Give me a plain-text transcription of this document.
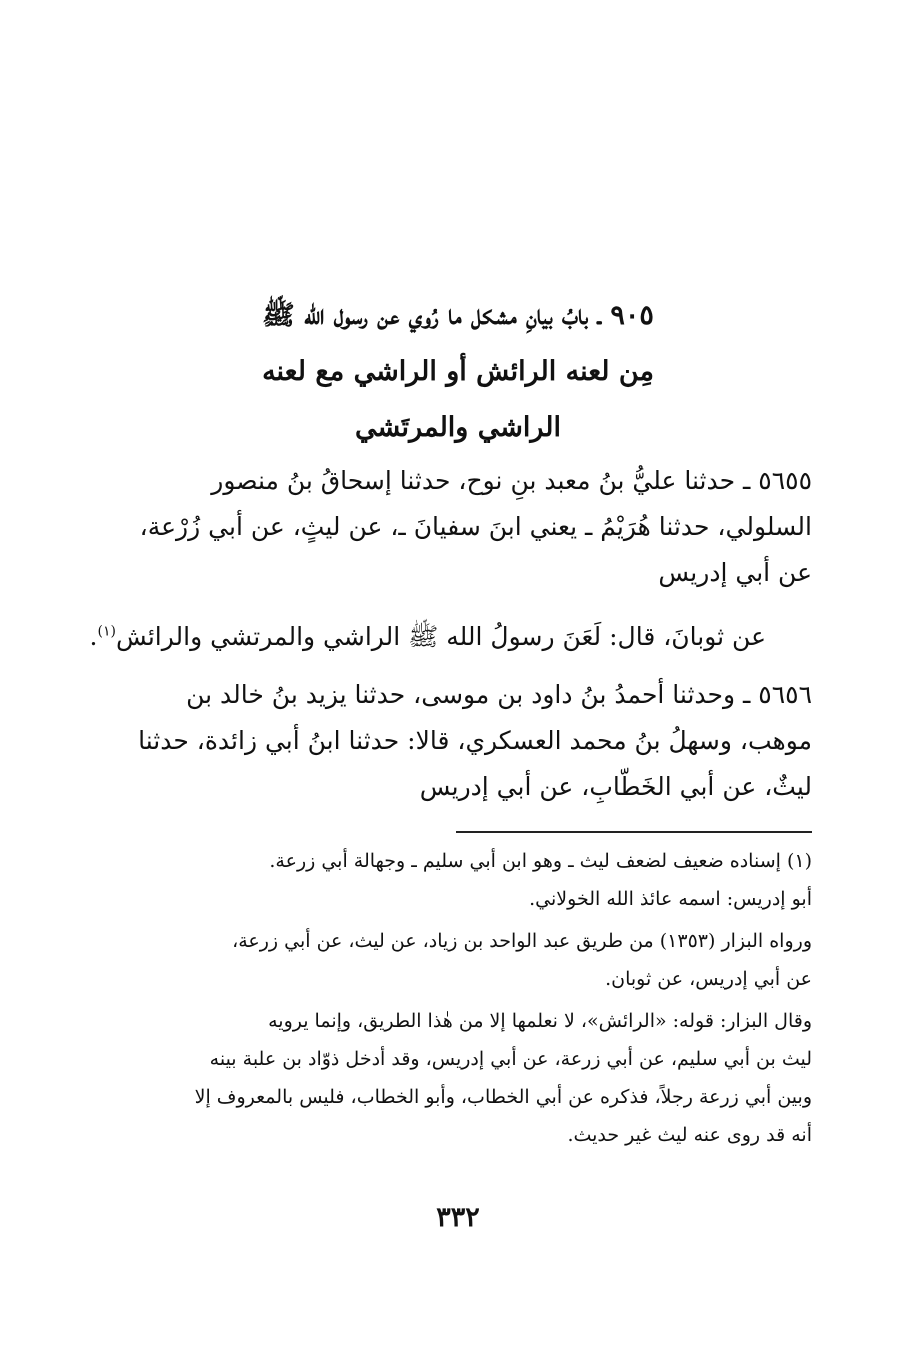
٩٠٥ ـ بابُ بيانِ مشكل ما رُوي عن رسول الله ﷺ
مِن لعنه الرائش أو الراشي مع لعنه
الراشي والمرتَشي

٥٦٥٥ ـ حدثنا عليُّ بنُ معبد بنِ نوح، حدثنا إسحاقُ بنُ منصور

السلولي، حدثنا هُرَيْمُ ـ يعني ابنَ سفيانَ ـ، عن ليثٍ، عن أبي زُرْعة،

عن أبي إدريس

عن ثوبانَ، قال: لَعَنَ رسولُ الله ﷺ الراشي والمرتشي والرائش$^{(١)}$.

٥٦٥٦ ـ وحدثنا أحمدُ بنُ داود بن موسى، حدثنا يزيد بنُ خالد بن

موهب، وسهلُ بنُ محمد العسكري، قالا: حدثنا ابنُ أبي زائدة، حدثنا

ليثٌ، عن أبي الخَطّابِ، عن أبي إدريس

(١) إسناده ضعيف لضعف ليث ـ وهو ابن أبي سليم ـ وجهالة أبي زرعة.

أبو إدريس: اسمه عائذ الله الخولاني.

ورواه البزار (١٣٥٣) من طريق عبد الواحد بن زياد، عن ليث، عن أبي زرعة،

عن أبي إدريس، عن ثوبان.

وقال البزار: قوله: «الرائش»، لا نعلمها إلا من هٰذا الطريق، وإنما يرويه

ليث بن أبي سليم، عن أبي زرعة، عن أبي إدريس، وقد أدخل ذوّاد بن علبة بينه

وبين أبي زرعة رجلاً، فذكره عن أبي الخطاب، وأبو الخطاب، فليس بالمعروف إلا

أنه قد روى عنه ليث غير حديث.

٣٣٢
